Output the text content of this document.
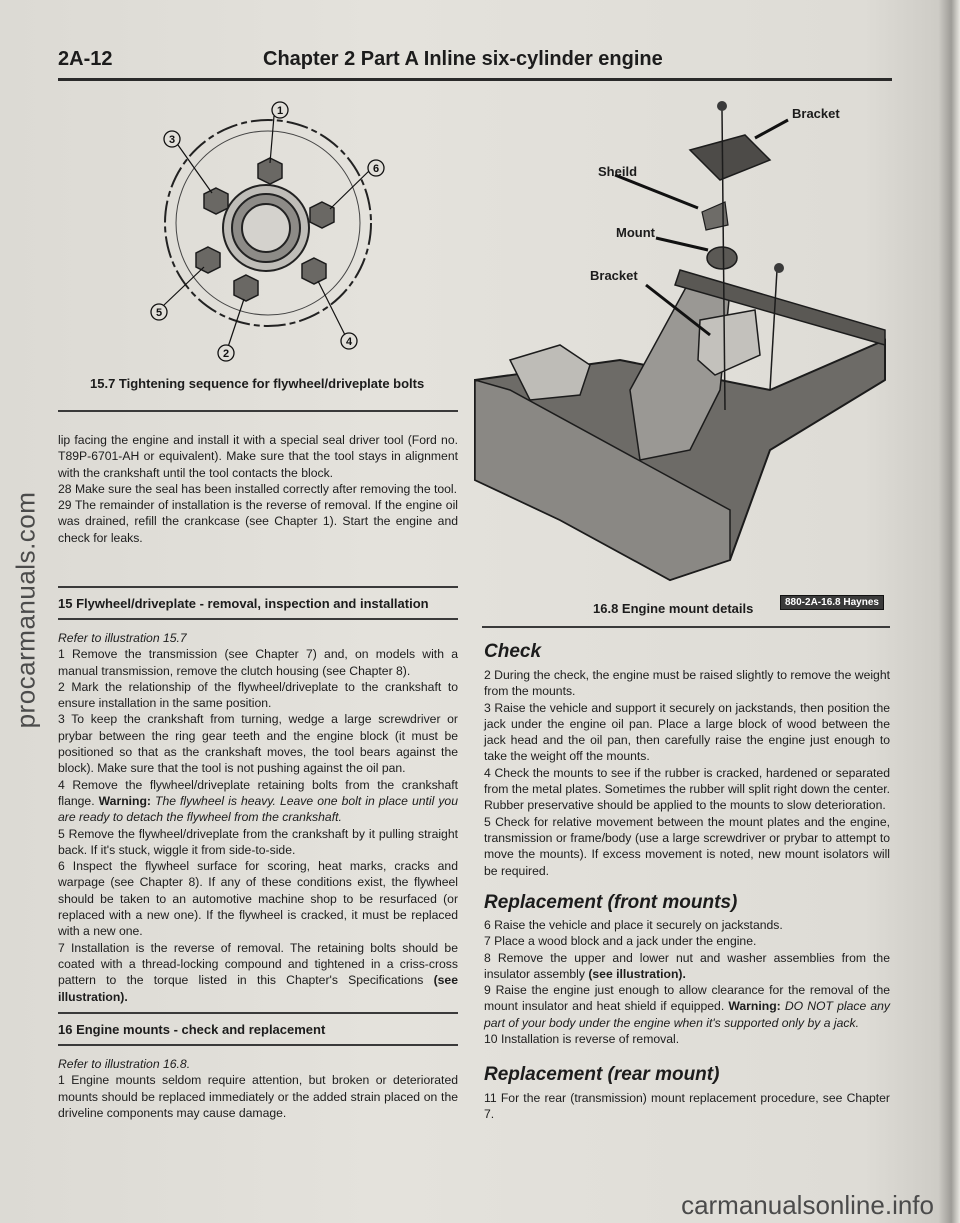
2A-12	Chapter 2 Part A Inline six-cylinder engine
1
2
3
4
5
6
15.7 Tightening sequence for flywheel/driveplate bolts

lip facing the engine and install it with a special seal driver tool (Ford no. T89P-6701-AH or equivalent). Make sure that the tool stays in alignment with the crankshaft until the tool contacts the block.

28 Make sure the seal has been installed correctly after removing the tool.

29 The remainder of installation is the reverse of removal. If the engine oil was drained, refill the crankcase (see Chapter 1). Start the engine and check for leaks.

15 Flywheel/driveplate - removal, inspection and installation

Refer to illustration 15.7

1 Remove the transmission (see Chapter 7) and, on models with a manual transmission, remove the clutch housing (see Chapter 8).

2 Mark the relationship of the flywheel/driveplate to the crankshaft to ensure installation in the same position.

3 To keep the crankshaft from turning, wedge a large screwdriver or prybar between the ring gear teeth and the engine block (it must be positioned so that as the crankshaft moves, the tool bears against the block). Make sure that the tool is not pushing against the oil pan.

4 Remove the flywheel/driveplate retaining bolts from the crankshaft flange. Warning: The flywheel is heavy. Leave one bolt in place until you are ready to detach the flywheel from the crankshaft.

5 Remove the flywheel/driveplate from the crankshaft by it pulling straight back. If it's stuck, wiggle it from side-to-side.

6 Inspect the flywheel surface for scoring, heat marks, cracks and warpage (see Chapter 8). If any of these conditions exist, the flywheel should be taken to an automotive machine shop to be resurfaced (or replaced with a new one). If the flywheel is cracked, it must be replaced with a new one.

7 Installation is the reverse of removal. The retaining bolts should be coated with a thread-locking compound and tightened in a criss-cross pattern to the torque listed in this Chapter's Specifications (see illustration).

16 Engine mounts - check and replacement

Refer to illustration 16.8.

1 Engine mounts seldom require attention, but broken or deteriorated mounts should be replaced immediately or the added strain placed on the driveline components may cause damage.

Bracket
Sheild
Mount
Bracket
880-2A-16.8 Haynes
16.8 Engine mount details
Check

2 During the check, the engine must be raised slightly to remove the weight from the mounts.

3 Raise the vehicle and support it securely on jackstands, then position the jack under the engine oil pan. Place a large block of wood between the jack head and the oil pan, then carefully raise the engine just enough to take the weight off the mounts.

4 Check the mounts to see if the rubber is cracked, hardened or separated from the metal plates. Sometimes the rubber will split right down the center. Rubber preservative should be applied to the mounts to slow deterioration.

5 Check for relative movement between the mount plates and the engine, transmission or frame/body (use a large screwdriver or prybar to attempt to move the mounts). If excess movement is noted, new mount isolators will be required.

Replacement (front mounts)

6 Raise the vehicle and place it securely on jackstands.

7 Place a wood block and a jack under the engine.

8 Remove the upper and lower nut and washer assemblies from the insulator assembly (see illustration).

9 Raise the engine just enough to allow clearance for the removal of the mount insulator and heat shield if equipped. Warning: DO NOT place any part of your body under the engine when it's supported only by a jack.

10 Installation is reverse of removal.

Replacement (rear mount)

11 For the rear (transmission) mount replacement procedure, see Chapter 7.

procarmanuals.com
carmanualsonline.info
